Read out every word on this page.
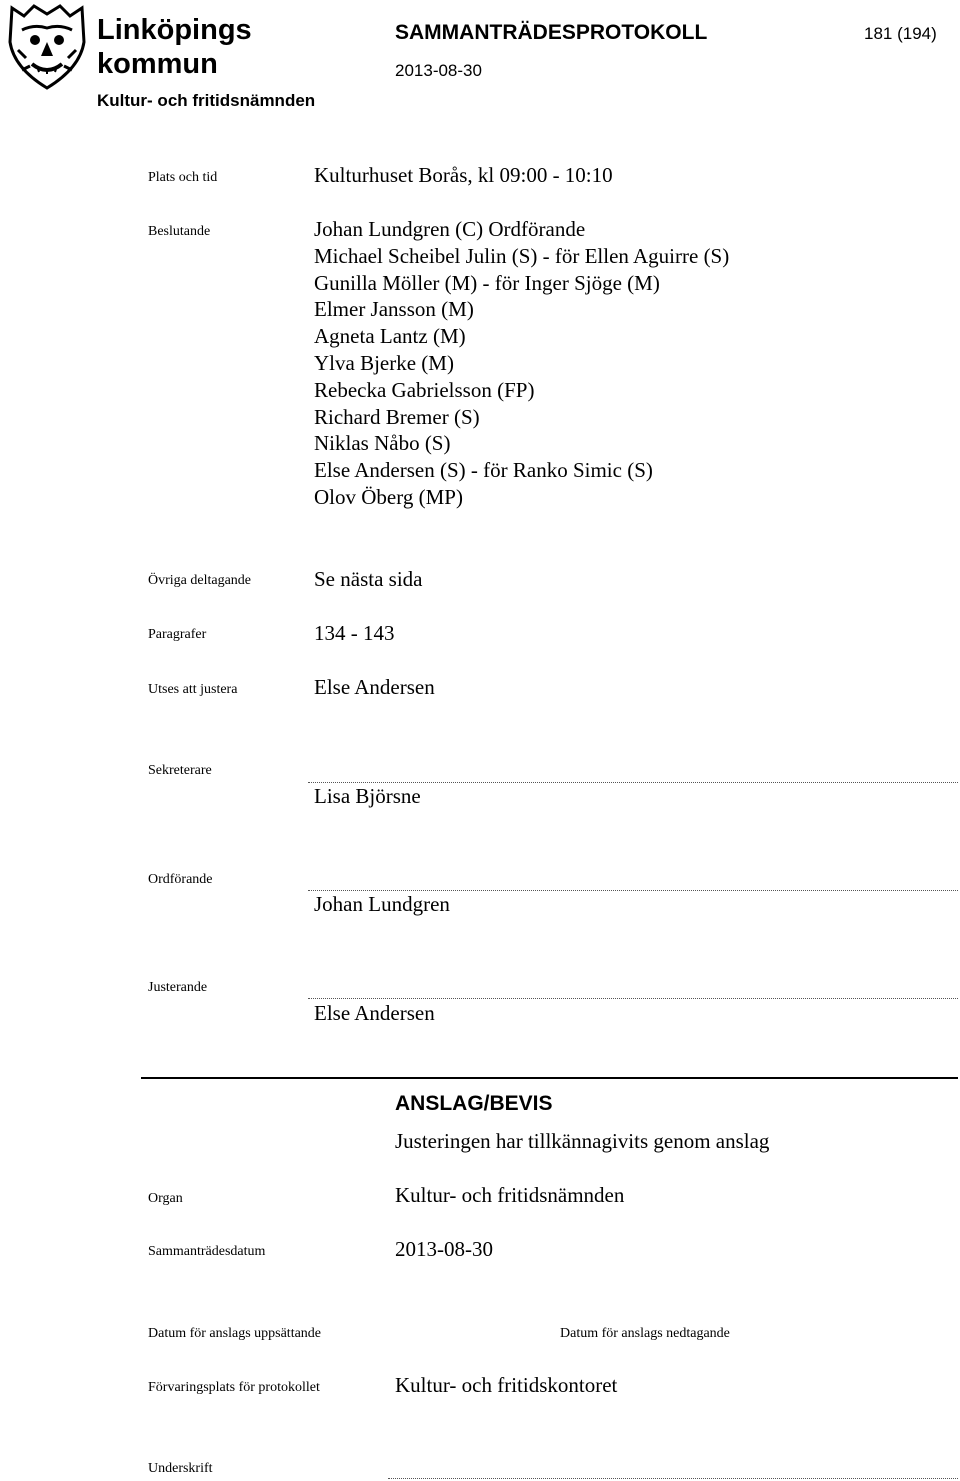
Linköpings
kommun
Kultur- och fritidsnämnden
SAMMANTRÄDESPROTOKOLL
2013-08-30
181 (194)
Plats och tid	Kulturhuset Borås, kl 09:00 - 10:10
Beslutande	Johan Lundgren (C) Ordförande
Michael Scheibel Julin (S) - för Ellen Aguirre (S)
Gunilla Möller (M) - för Inger Sjöge (M)
Elmer Jansson (M)
Agneta Lantz (M)
Ylva Bjerke (M)
Rebecka Gabrielsson (FP)
Richard Bremer (S)
Niklas Nåbo (S)
Else Andersen (S) - för Ranko Simic (S)
Olov Öberg (MP)
Övriga deltagande	Se nästa sida
Paragrafer	134 - 143
Utses att justera	Else Andersen
Sekreterare
Lisa Björsne
Ordförande
Johan Lundgren
Justerande
Else Andersen
ANSLAG/BEVIS
Justeringen har tillkännagivits genom anslag
Organ	Kultur- och fritidsnämnden
Sammanträdesdatum	2013-08-30
Datum för anslags uppsättande	Datum för anslags nedtagande
Förvaringsplats för protokollet	Kultur- och fritidskontoret
Underskrift
